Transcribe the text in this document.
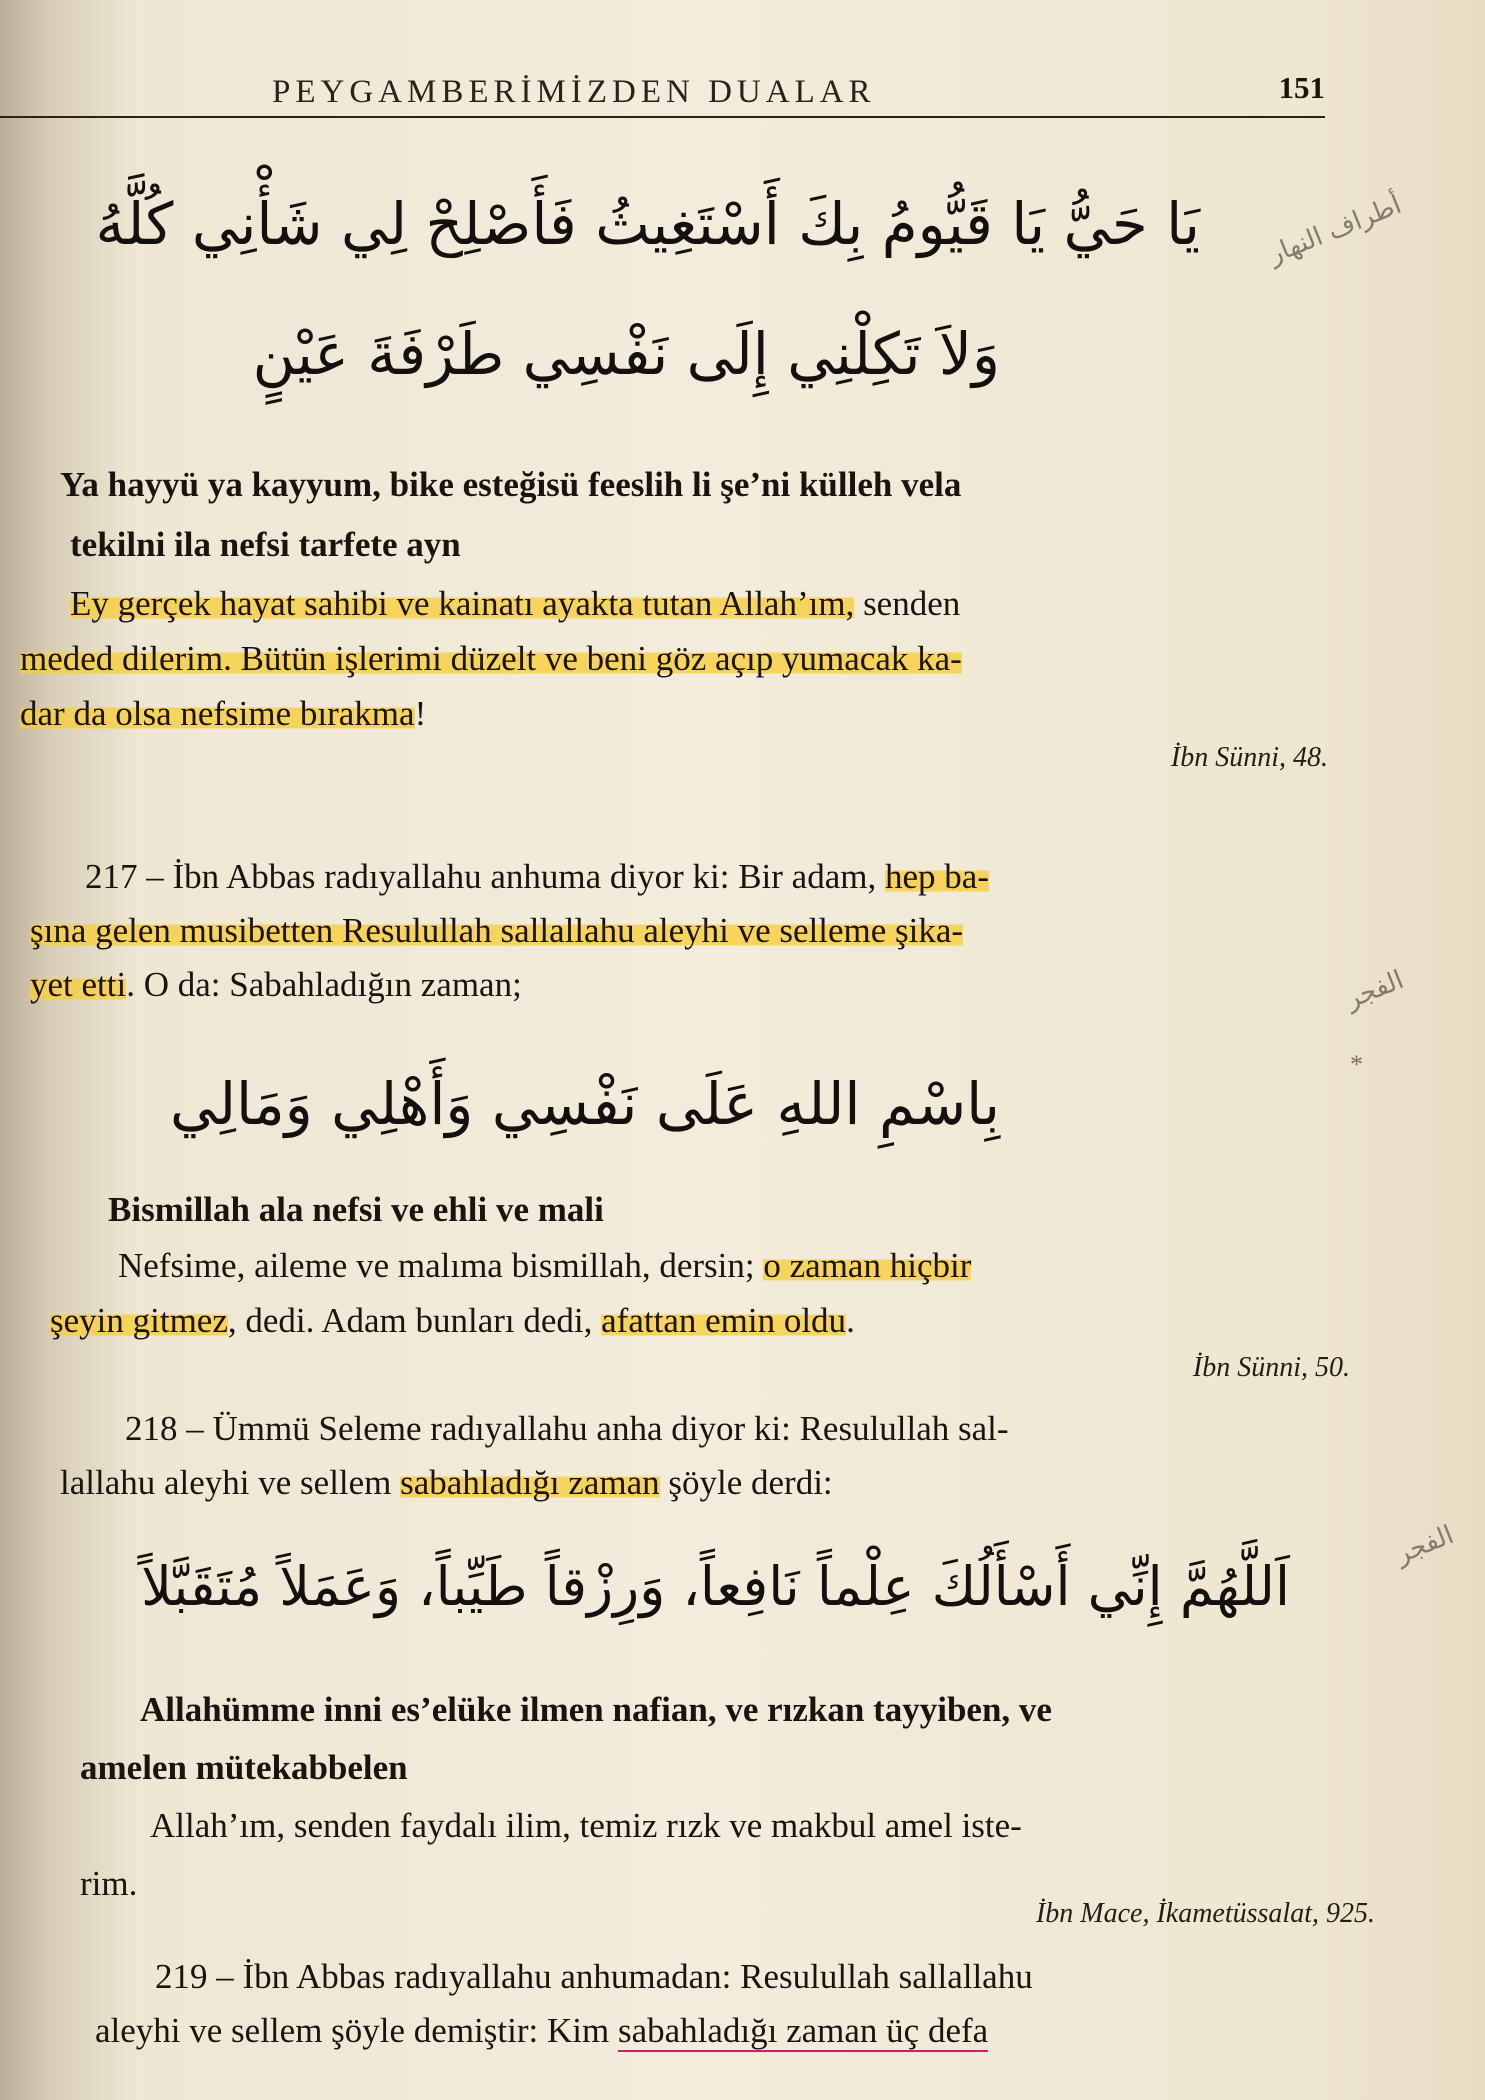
PEYGAMBERİMİZDEN DUALAR	151
أطراف النهار
الفجر
*
الفجر
يَا حَيُّ يَا قَيُّومُ بِكَ أَسْتَغِيثُ فَأَصْلِحْ لِي شَأْنِي كُلَّهُ
وَلاَ تَكِلْنِي إِلَى نَفْسِي طَرْفَةَ عَيْنٍ
Ya hayyü ya kayyum, bike esteğisü feeslih li şe’ni külleh vela
tekilni ila nefsi tarfete ayn
Ey gerçek hayat sahibi ve kainatı ayakta tutan Allah’ım, senden
meded dilerim. Bütün işlerimi düzelt ve beni göz açıp yumacak ka-
dar da olsa nefsime bırakma!
İbn Sünni, 48.
217 – İbn Abbas radıyallahu anhuma diyor ki: Bir adam, hep ba-
şına gelen musibetten Resulullah sallallahu aleyhi ve selleme şika-
yet etti. O da: Sabahladığın zaman;
بِاسْمِ اللهِ عَلَى نَفْسِي وَأَهْلِي وَمَالِي
Bismillah ala nefsi ve ehli ve mali
Nefsime, aileme ve malıma bismillah, dersin; o zaman hiçbir
şeyin gitmez, dedi. Adam bunları dedi, afattan emin oldu.
İbn Sünni, 50.
218 – Ümmü Seleme radıyallahu anha diyor ki: Resulullah sal-
lallahu aleyhi ve sellem sabahladığı zaman şöyle derdi:
اَللَّهُمَّ إِنِّي أَسْأَلُكَ عِلْماً نَافِعاً، وَرِزْقاً طَيِّباً، وَعَمَلاً مُتَقَبَّلاً
Allahümme inni es’elüke ilmen nafian, ve rızkan tayyiben, ve
amelen mütekabbelen
Allah’ım, senden faydalı ilim, temiz rızk ve makbul amel iste-
rim.
İbn Mace, İkametüssalat, 925.
219 – İbn Abbas radıyallahu anhumadan: Resulullah sallallahu
aleyhi ve sellem şöyle demiştir: Kim sabahladığı zaman üç defa
